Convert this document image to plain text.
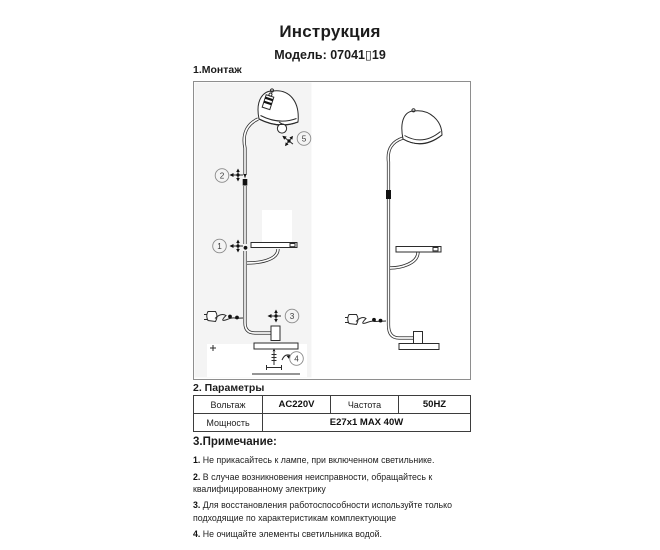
Инструкция
Модель: 07041▯19
1.Монтаж
1
2
3
4
5
2. Параметры
Вольтаж	AC220V	Частота	50HZ
Мощность	E27x1 MAX 40W		
3.Примечание:
1. Не прикасайтесь к лампе, при включенном светильнике.
2. В случае возникновения неисправности, обращайтесь к квалифицированному электрику
3. Для восстановления работоспособности используйте только подходящие по характеристикам комплектующие
4. Не очищайте элементы светильника водой.
